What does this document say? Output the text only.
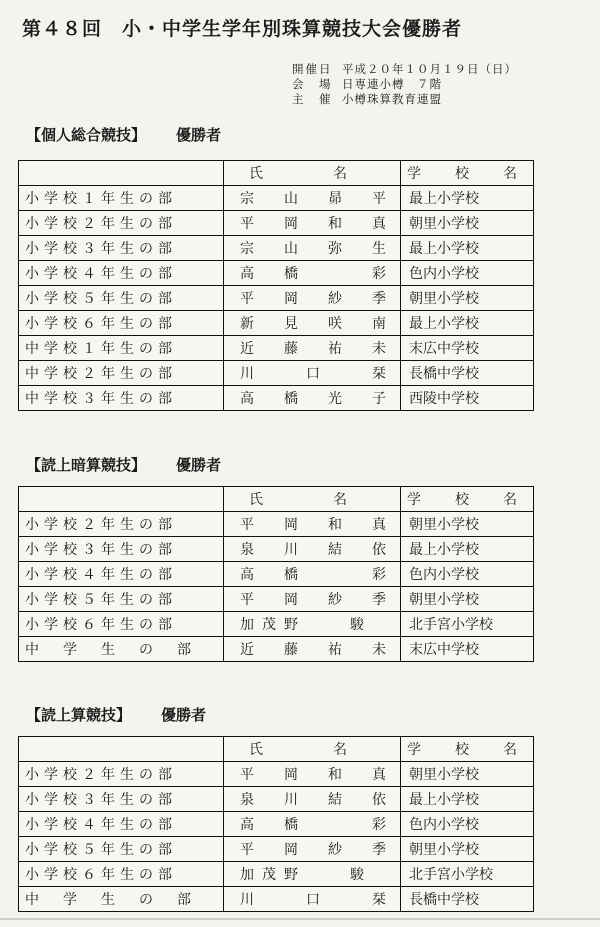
第４８回　小・中学生学年別珠算競技大会優勝者
開催日 平成２０年１０月１９日（日）
会　場 日専連小樽　７階
主　催 小樽珠算教育連盟
【個人総合競技】 優勝者
	氏　名	学　校　名
小学校１年生の部	宗　山　昴　平	最上小学校
小学校２年生の部	平　岡　和　真	朝里小学校
小学校３年生の部	宗　山　弥　生	最上小学校
小学校４年生の部	高　橋　　　彩	色内小学校
小学校５年生の部	平　岡　紗　季	朝里小学校
小学校６年生の部	新　見　咲　南	最上小学校
中学校１年生の部	近　藤　祐　未	末広中学校
中学校２年生の部	川　　口　　栞	長橋中学校
中学校３年生の部	高　橋　光　子	西陵中学校
【読上暗算競技】 優勝者
	氏　名	学　校　名
小学校２年生の部	平　岡　和　真	朝里小学校
小学校３年生の部	泉　川　結　依	最上小学校
小学校４年生の部	高　橋　　　彩	色内小学校
小学校５年生の部	平　岡　紗　季	朝里小学校
小学校６年生の部	加茂野　　駿	北手宮小学校
中　学　生　の　部	近　藤　祐　未	末広中学校
【読上算競技】 優勝者
	氏　名	学　校　名
小学校２年生の部	平　岡　和　真	朝里小学校
小学校３年生の部	泉　川　結　依	最上小学校
小学校４年生の部	高　橋　　　彩	色内小学校
小学校５年生の部	平　岡　紗　季	朝里小学校
小学校６年生の部	加茂野　　駿	北手宮小学校
中　学　生　の　部	川　　口　　栞	長橋中学校
